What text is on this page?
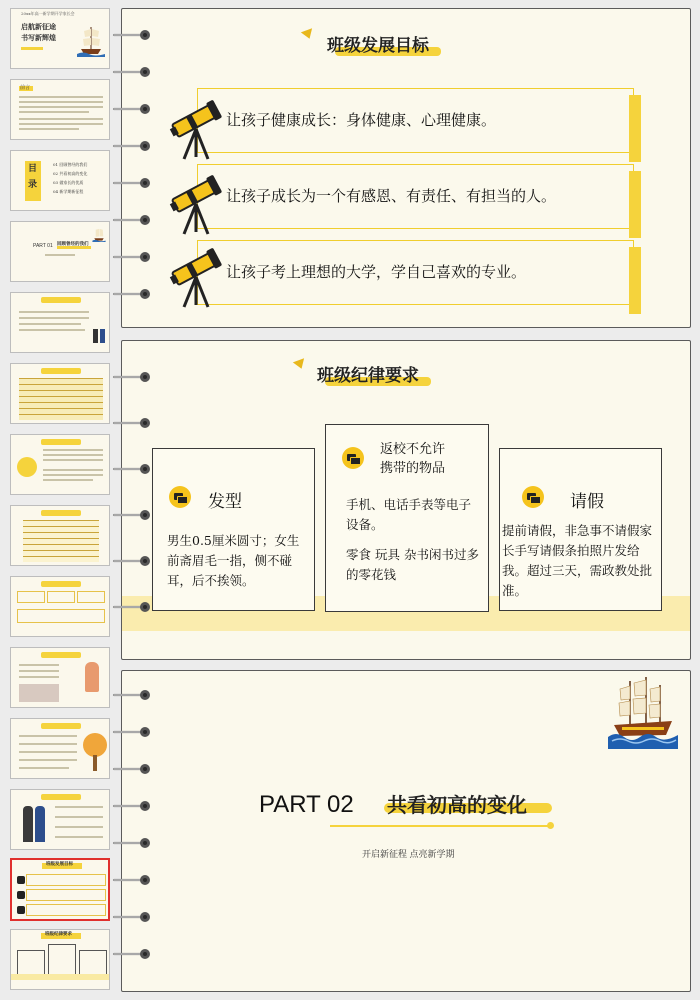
20xx年高一新学期开学家长会
启航新征途
书写新辉煌
前言
目
录
01 回顾曾经的我们
02 共看初高的变化
03 做家长的优质
04 新学期新征程
PART 01 回顾曾经的我们
班级发展目标
班级纪律要求
班级发展目标
让孩子健康成长：身体健康、心理健康。
让孩子成长为一个有感恩、有责任、有担当的人。
让孩子考上理想的大学，学自己喜欢的专业。
班级纪律要求
发型
男生0.5厘米圆寸；女生前斋眉毛一指，侧不碰耳，后不挨领。
返校不允许
携带的物品
手机、电话手表等电子设备。
零食 玩具 杂书闲书过多的零花钱
请假
提前请假，非急事不请假家长手写请假条拍照片发给我。超过三天，需政教处批准。
PART 02 共看初高的变化
开启新征程 点亮新学期
